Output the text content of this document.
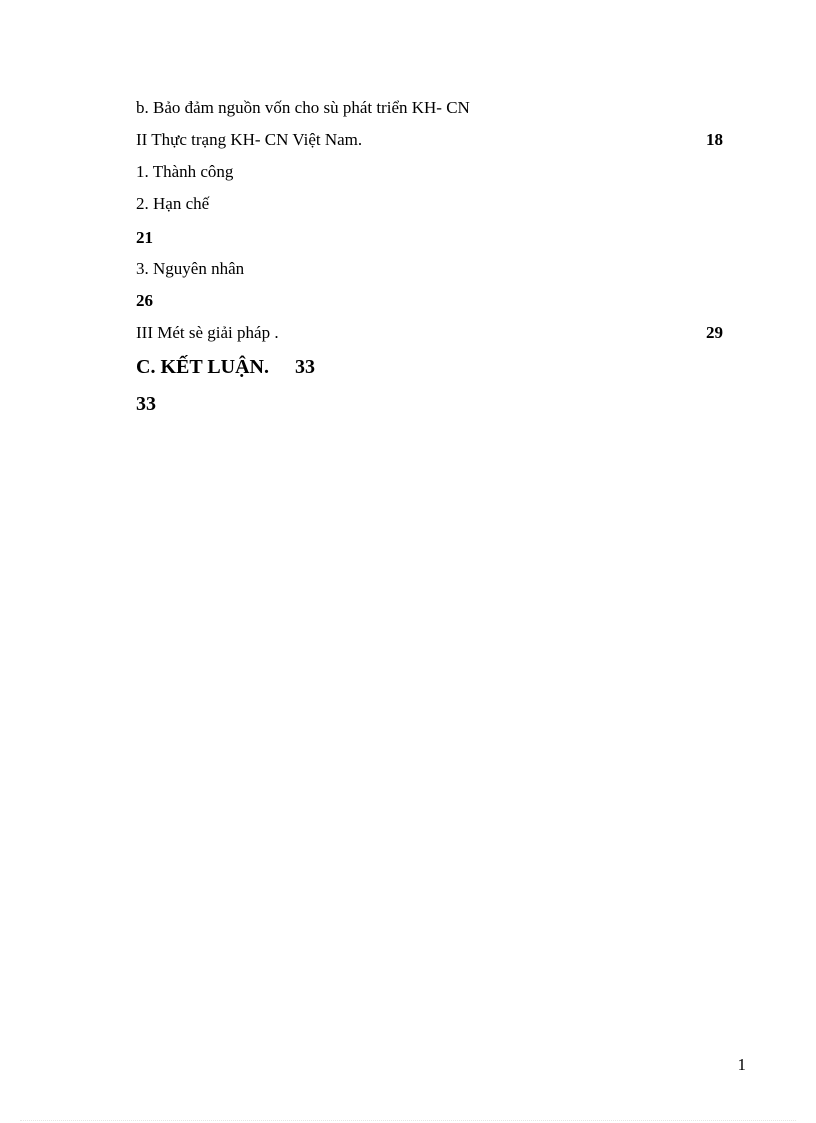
b. Bảo đảm nguồn vốn cho sù phát triển KH- CN
II Thực trạng KH- CN Việt Nam.	18
1. Thành công
2. Hạn chế
21
3. Nguyên nhân
26
III Mét sè giải pháp .	29
C. KẾT LUẬN. 33
33
1
